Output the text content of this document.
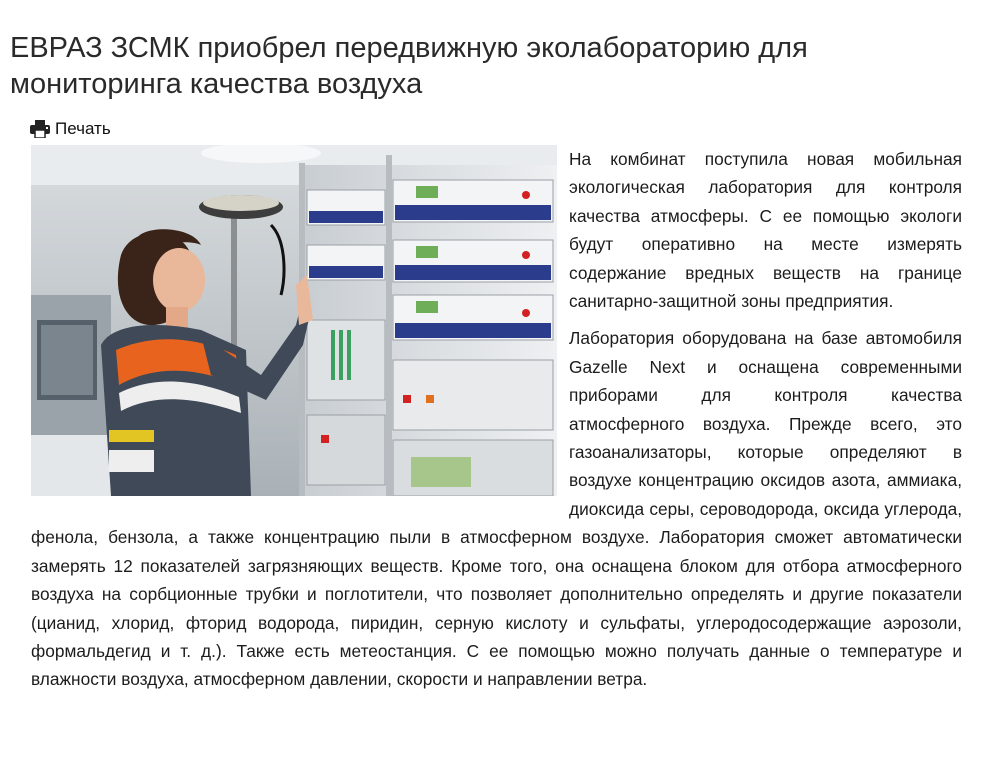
ЕВРАЗ ЗСМК приобрел передвижную эколабораторию для мониторинга качества воздуха
Печать

На комбинат поступила новая мобильная экологическая лаборатория для контроля качества атмосферы. С ее помощью экологи будут оперативно на месте измерять содержание вредных веществ на границе санитарно-защитной зоны предприятия.

Лаборатория оборудована на базе автомобиля Gazelle Next и оснащена современными приборами для контроля качества атмосферного воздуха. Прежде всего, это газоанализаторы, которые определяют в воздухе концентрацию оксидов азота, аммиака, диоксида серы, сероводорода, оксида углерода, фенола, бензола, а также концентрацию пыли в атмосферном воздухе. Лаборатория сможет автоматически замерять 12 показателей загрязняющих веществ. Кроме того, она оснащена блоком для отбора атмосферного воздуха на сорбционные трубки и поглотители, что позволяет дополнительно определять и другие показатели (цианид, хлорид, фторид водорода, пиридин, серную кислоту и сульфаты, углеродосодержащие аэрозоли, формальдегид и т. д.). Также есть метеостанция. С ее помощью можно получать данные о температуре и влажности воздуха, атмосферном давлении, скорости и направлении ветра.
